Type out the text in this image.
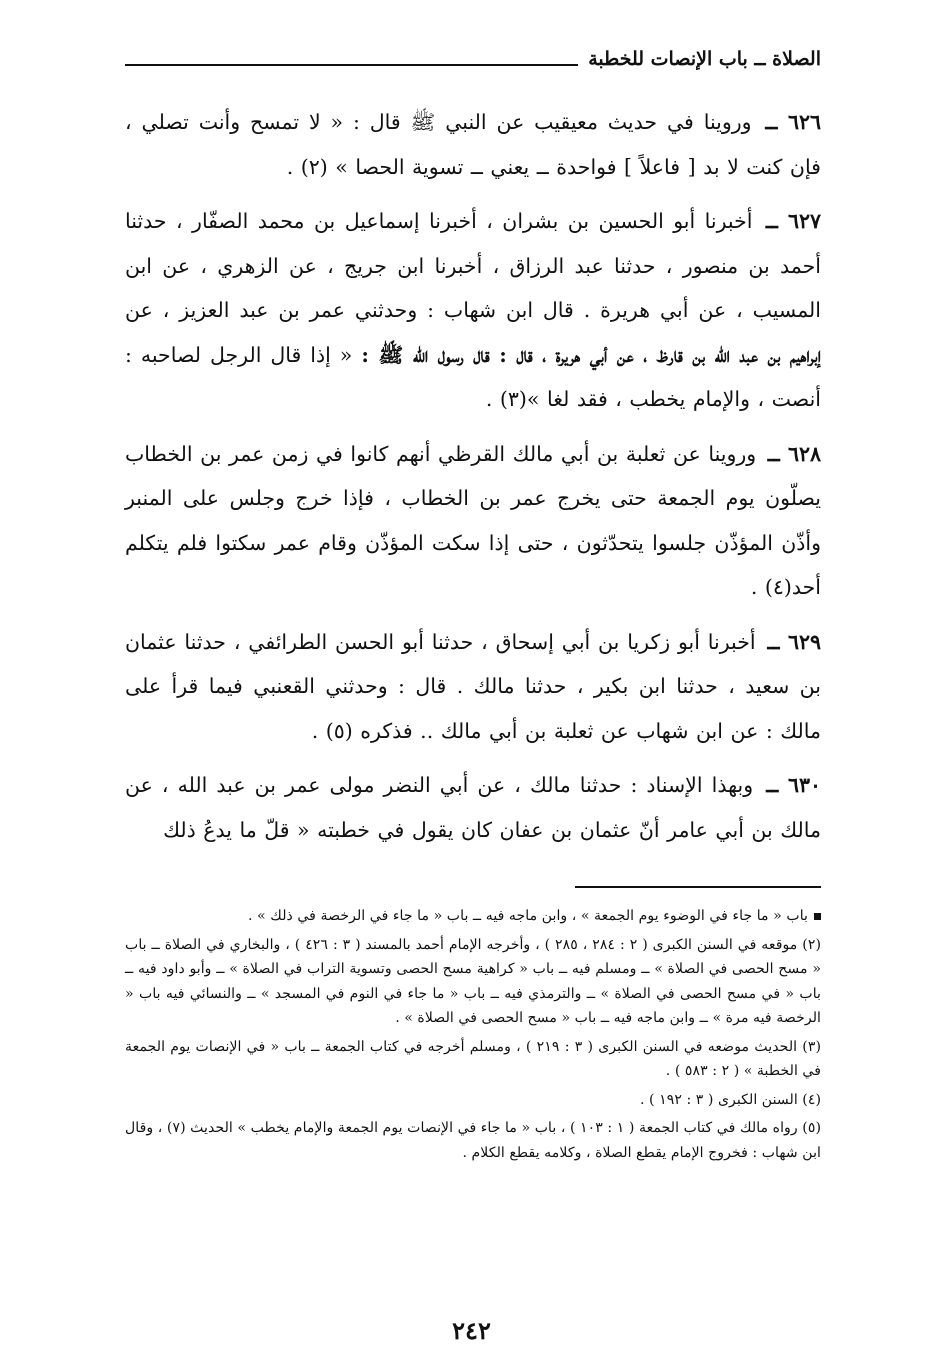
الصلاة ــ باب الإنصات للخطبة

٦٢٦ ــ وروينا في حديث معيقيب عن النبي ﷺ قال : « لا تمسح وأنت تصلي ، فإن كنت لا بد [ فاعلاً ] فواحدة ــ يعني ــ تسوية الحصا » (٢) .

٦٢٧ ــ أخبرنا أبو الحسين بن بشران ، أخبرنا إسماعيل بن محمد الصفّار ، حدثنا أحمد بن منصور ، حدثنا عبد الرزاق ، أخبرنا ابن جريج ، عن الزهري ، عن ابن المسيب ، عن أبي هريرة . قال ابن شهاب : وحدثني عمر بن عبد العزيز ، عن إبراهيم بن عبد الله بن قارظ ، عن أبي هريرة ، قال : قال رسول الله ﷺ : « إذا قال الرجل لصاحبه : أنصت ، والإمام يخطب ، فقد لغا »(٣) .

٦٢٨ ــ وروينا عن ثعلبة بن أبي مالك القرظي أنهم كانوا في زمن عمر بن الخطاب يصلّون يوم الجمعة حتى يخرج عمر بن الخطاب ، فإذا خرج وجلس على المنبر وأذّن المؤذّن جلسوا يتحدّثون ، حتى إذا سكت المؤذّن وقام عمر سكتوا فلم يتكلم أحد(٤) .

٦٢٩ ــ أخبرنا أبو زكريا بن أبي إسحاق ، حدثنا أبو الحسن الطرائفي ، حدثنا عثمان بن سعيد ، حدثنا ابن بكير ، حدثنا مالك . قال : وحدثني القعنبي فيما قرأ على مالك : عن ابن شهاب عن ثعلبة بن أبي مالك .. فذكره (٥) .

٦٣٠ ــ وبهذا الإسناد : حدثنا مالك ، عن أبي النضر مولى عمر بن عبد الله ، عن مالك بن أبي عامر أنّ عثمان بن عفان كان يقول في خطبته « قلّ ما يدعُ ذلك

باب « ما جاء في الوضوء يوم الجمعة » ، وابن ماجه فيه ــ باب « ما جاء في الرخصة في ذلك » .

(٢) موقعه في السنن الكبرى ( ٢ : ٢٨٤ ، ٢٨٥ ) ، وأخرجه الإمام أحمد بالمسند ( ٣ : ٤٢٦ ) ، والبخاري في الصلاة ــ باب « مسح الحصى في الصلاة » ــ ومسلم فيه ــ باب « كراهية مسح الحصى وتسوية التراب في الصلاة » ــ وأبو داود فيه ــ باب « في مسح الحصى في الصلاة » ــ والترمذي فيه ــ باب « ما جاء في النوم في المسجد » ــ والنسائي فيه باب « الرخصة فيه مرة » ــ وابن ماجه فيه ــ باب « مسح الحصى في الصلاة » .

(٣) الحديث موضعه في السنن الكبرى ( ٣ : ٢١٩ ) ، ومسلم أخرجه في كتاب الجمعة ــ باب « في الإنصات يوم الجمعة في الخطبة » ( ٢ : ٥٨٣ ) .

(٤) السنن الكبرى ( ٣ : ١٩٢ ) .

(٥) رواه مالك في كتاب الجمعة ( ١ : ١٠٣ ) ، باب « ما جاء في الإنصات يوم الجمعة والإمام يخطب » الحديث (٧) ، وقال ابن شهاب : فخروج الإمام يقطع الصلاة ، وكلامه يقطع الكلام .

٢٤٢
